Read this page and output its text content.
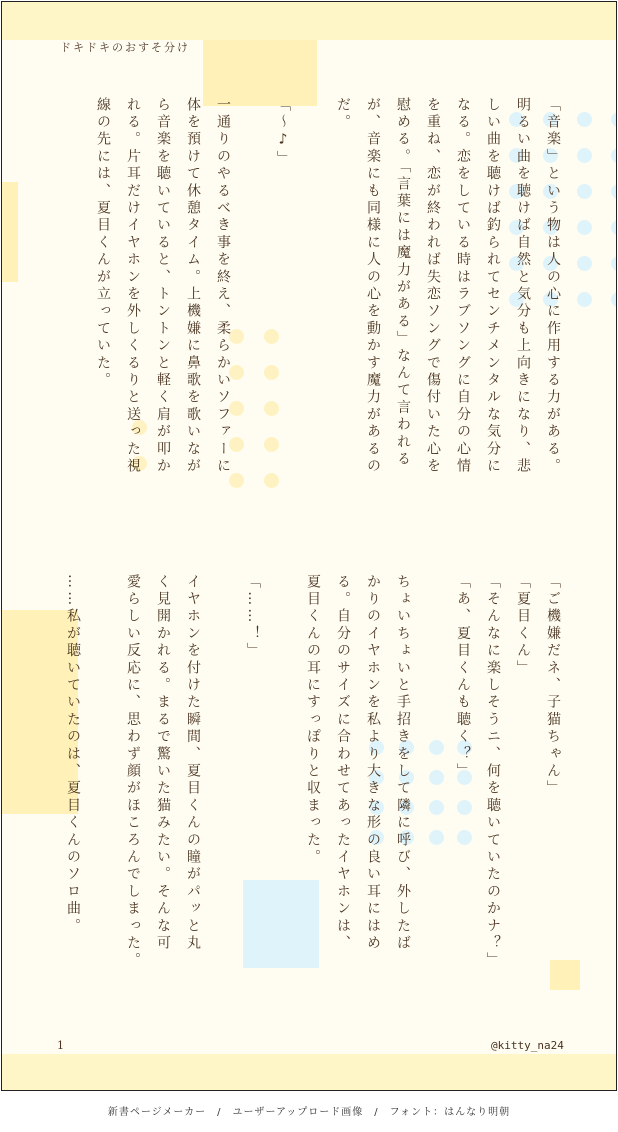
ドキドキのおすそ分け
「音楽」という物は人の心に作用する力がある。
明るい曲を聴けば自然と気分も上向きになり、悲
しい曲を聴けば釣られてセンチメンタルな気分に
なる。恋をしている時はラブソングに自分の心情
を重ね、恋が終われば失恋ソングで傷付いた心を
慰める。「言葉には魔力がある」なんて言われる
が、音楽にも同様に人の心を動かす魔力があるの
だ。
「〜♪」
一通りのやるべき事を終え、柔らかいソファーに
体を預けて休憩タイム。上機嫌に鼻歌を歌いなが
ら音楽を聴いていると、トントンと軽く肩が叩か
れる。片耳だけイヤホンを外しくるりと送った視
線の先には、夏目くんが立っていた。
「ご機嫌だネ、子猫ちゃん」
「夏目くん」
「そんなに楽しそうニ、何を聴いていたのかナ？」
「あ、夏目くんも聴く？」
ちょいちょいと手招きをして隣に呼び、外したば
かりのイヤホンを私より大きな形の良い耳にはめ
る。自分のサイズに合わせてあったイヤホンは、
夏目くんの耳にすっぽりと収まった。
「……！」
イヤホンを付けた瞬間、夏目くんの瞳がパッと丸
く見開かれる。まるで驚いた猫みたい。そんな可
愛らしい反応に、思わず顔がほころんでしまった。
……私が聴いていたのは、夏目くんのソロ曲。
1	@kitty_na24
新書ページメーカー　/　ユーザーアップロード画像　/　フォント：はんなり明朝
